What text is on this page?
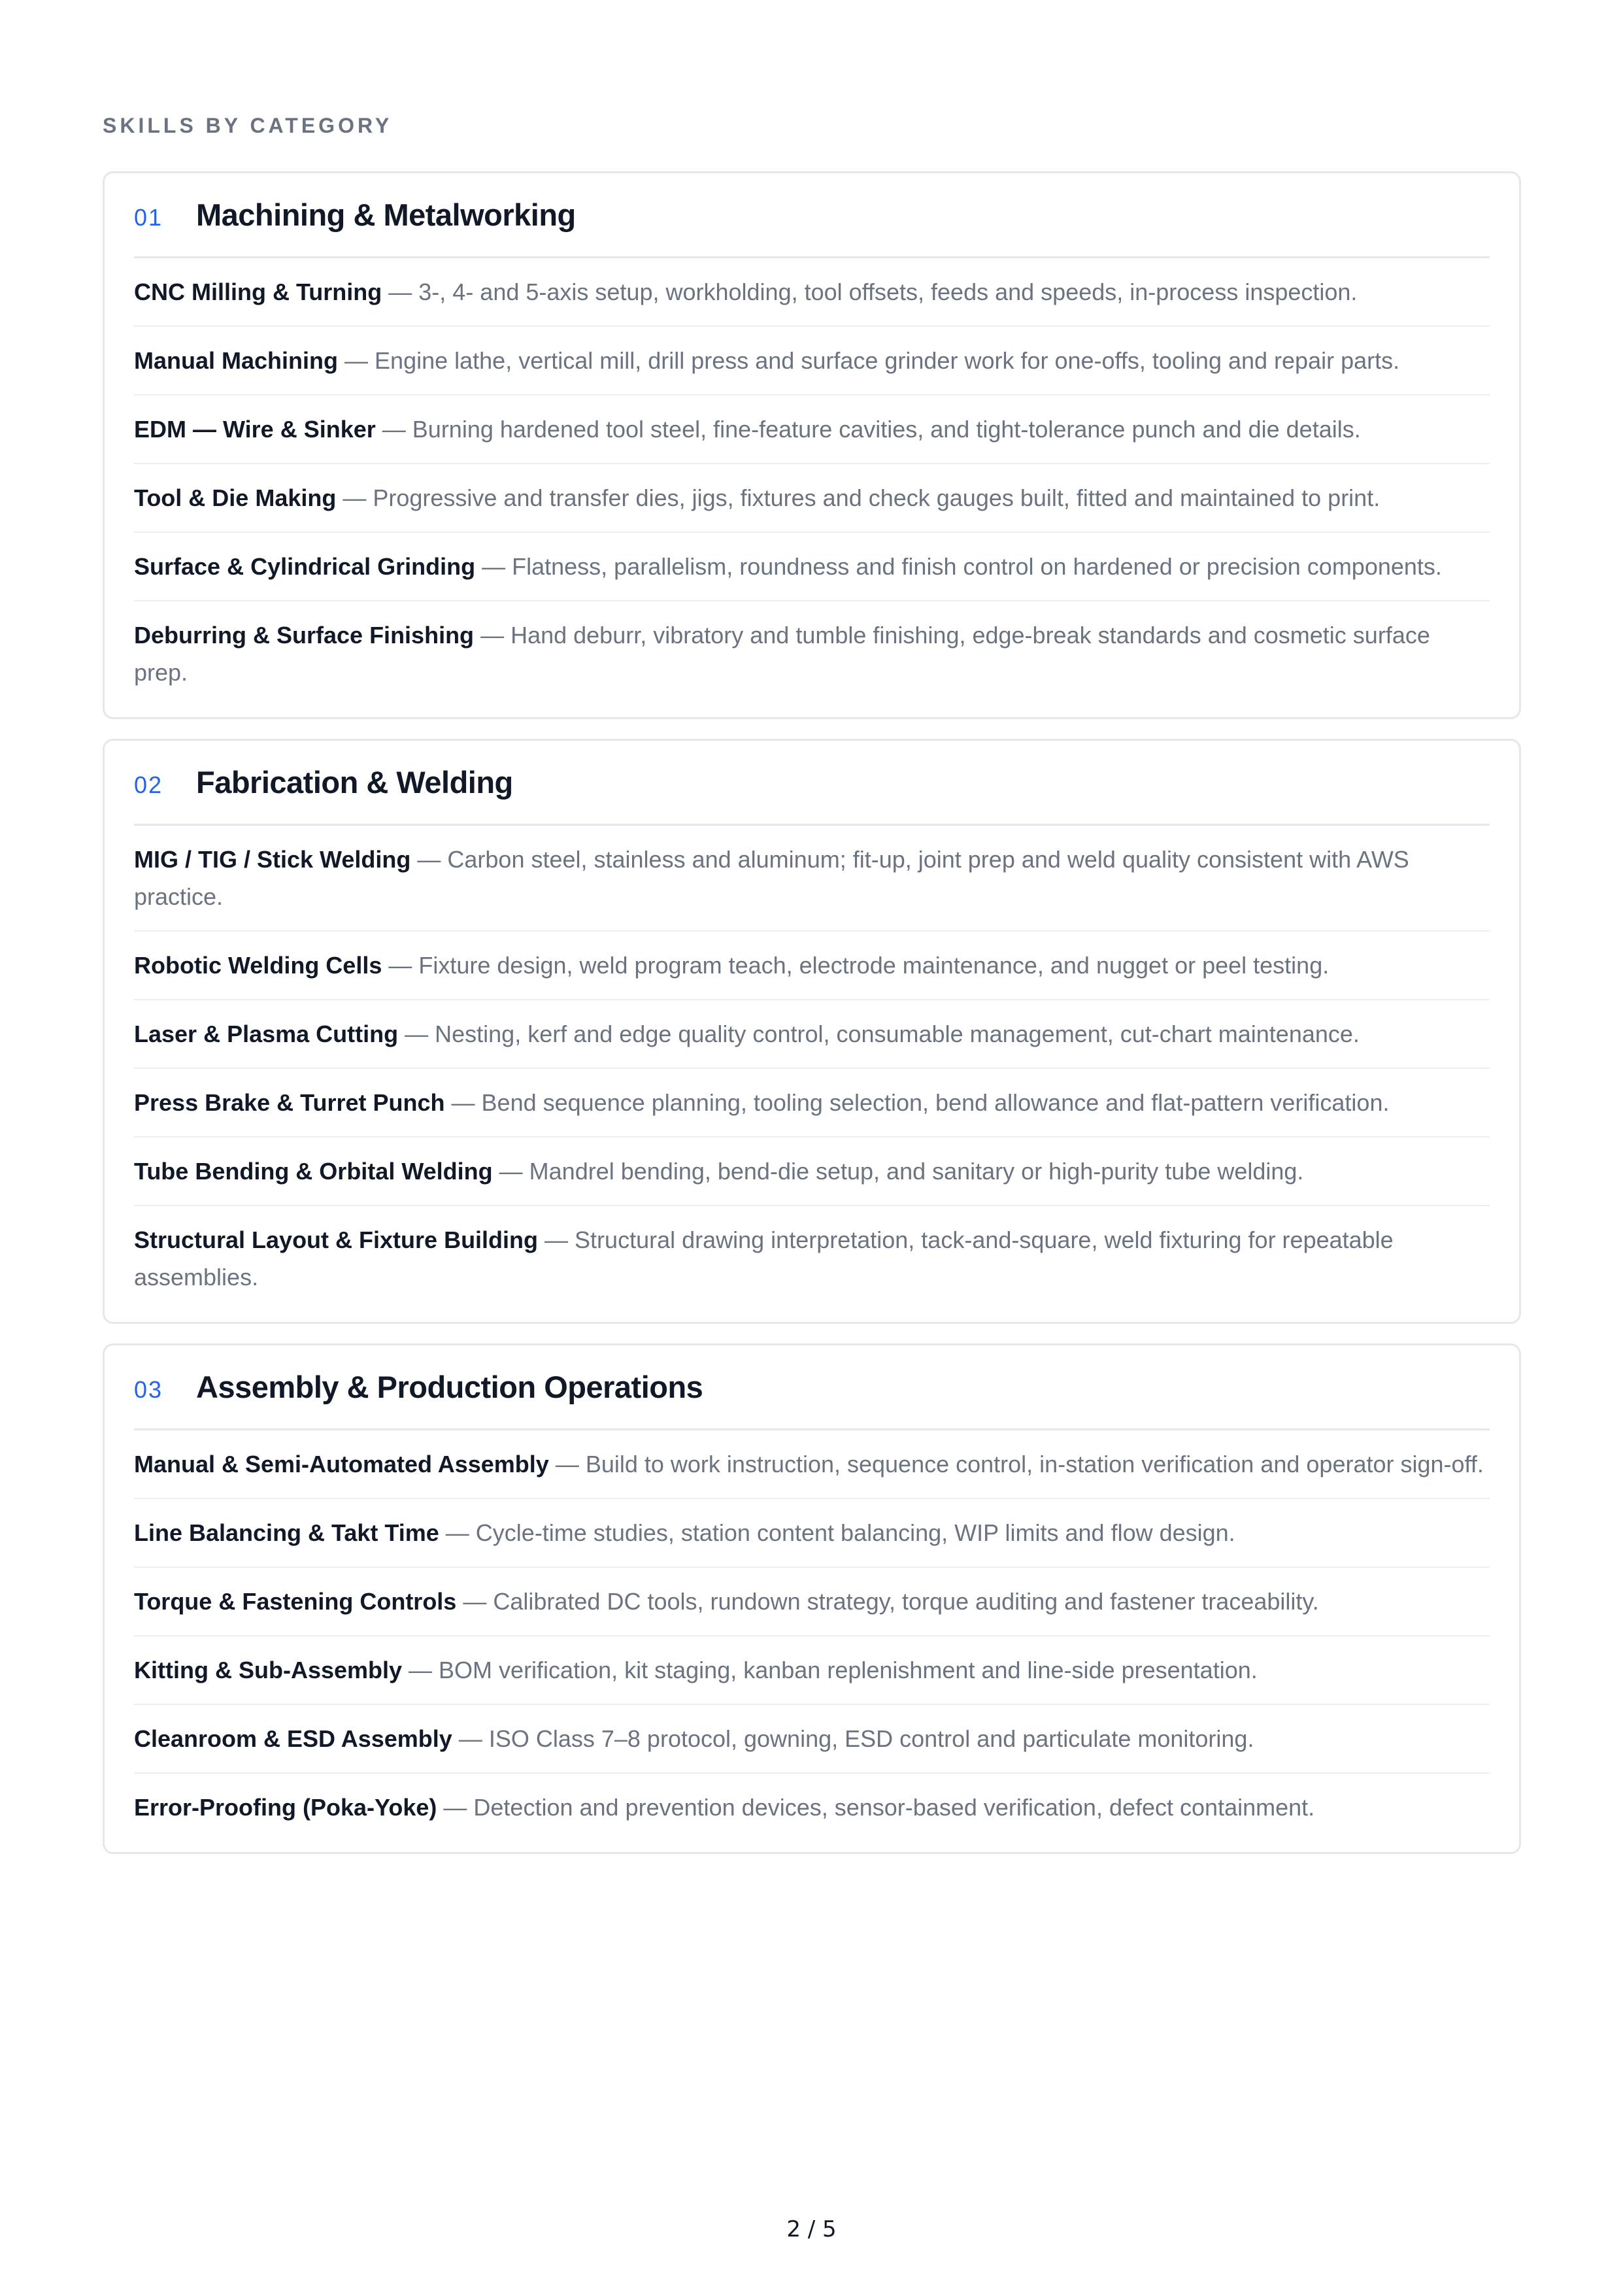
SKILLS BY CATEGORY
01	Machining & Metalworking
CNC Milling & Turning — 3-, 4- and 5-axis setup, workholding, tool offsets, feeds and speeds, in-process inspection.
Manual Machining — Engine lathe, vertical mill, drill press and surface grinder work for one-offs, tooling and repair parts.
EDM — Wire & Sinker — Burning hardened tool steel, fine-feature cavities, and tight-tolerance punch and die details.
Tool & Die Making — Progressive and transfer dies, jigs, fixtures and check gauges built, fitted and maintained to print.
Surface & Cylindrical Grinding — Flatness, parallelism, roundness and finish control on hardened or precision components.
Deburring & Surface Finishing — Hand deburr, vibratory and tumble finishing, edge-break standards and cosmetic surface prep.
02	Fabrication & Welding
MIG / TIG / Stick Welding — Carbon steel, stainless and aluminum; fit-up, joint prep and weld quality consistent with AWS practice.
Robotic Welding Cells — Fixture design, weld program teach, electrode maintenance, and nugget or peel testing.
Laser & Plasma Cutting — Nesting, kerf and edge quality control, consumable management, cut-chart maintenance.
Press Brake & Turret Punch — Bend sequence planning, tooling selection, bend allowance and flat-pattern verification.
Tube Bending & Orbital Welding — Mandrel bending, bend-die setup, and sanitary or high-purity tube welding.
Structural Layout & Fixture Building — Structural drawing interpretation, tack-and-square, weld fixturing for repeatable assemblies.
03	Assembly & Production Operations
Manual & Semi-Automated Assembly — Build to work instruction, sequence control, in-station verification and operator sign-off.
Line Balancing & Takt Time — Cycle-time studies, station content balancing, WIP limits and flow design.
Torque & Fastening Controls — Calibrated DC tools, rundown strategy, torque auditing and fastener traceability.
Kitting & Sub-Assembly — BOM verification, kit staging, kanban replenishment and line-side presentation.
Cleanroom & ESD Assembly — ISO Class 7–8 protocol, gowning, ESD control and particulate monitoring.
Error-Proofing (Poka-Yoke) — Detection and prevention devices, sensor-based verification, defect containment.
2 / 5
